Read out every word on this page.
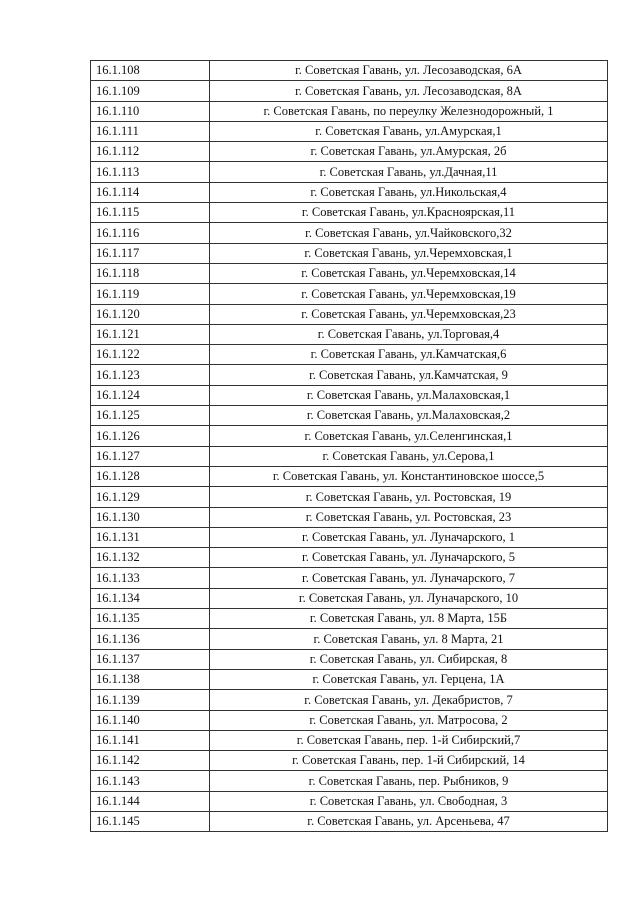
16.1.108	г. Советская Гавань, ул. Лесозаводская, 6А
16.1.109	г. Советская Гавань, ул. Лесозаводская, 8А
16.1.110	г. Советская Гавань, по переулку Железнодорожный, 1
16.1.111	г. Советская Гавань, ул.Амурская,1
16.1.112	г. Советская Гавань, ул.Амурская, 2б
16.1.113	г. Советская Гавань, ул.Дачная,11
16.1.114	г. Советская Гавань, ул.Никольская,4
16.1.115	г. Советская Гавань, ул.Красноярская,11
16.1.116	г. Советская Гавань, ул.Чайковского,32
16.1.117	г. Советская Гавань, ул.Черемховская,1
16.1.118	г. Советская Гавань, ул.Черемховская,14
16.1.119	г. Советская Гавань, ул.Черемховская,19
16.1.120	г. Советская Гавань, ул.Черемховская,23
16.1.121	г. Советская Гавань, ул.Торговая,4
16.1.122	г. Советская Гавань, ул.Камчатская,6
16.1.123	г. Советская Гавань, ул.Камчатская, 9
16.1.124	г. Советская Гавань, ул.Малаховская,1
16.1.125	г. Советская Гавань, ул.Малаховская,2
16.1.126	г. Советская Гавань, ул.Селенгинская,1
16.1.127	г. Советская Гавань, ул.Серова,1
16.1.128	г. Советская Гавань, ул. Константиновское шоссе,5
16.1.129	г. Советская Гавань, ул. Ростовская, 19
16.1.130	г. Советская Гавань, ул. Ростовская, 23
16.1.131	г. Советская Гавань, ул. Луначарского, 1
16.1.132	г. Советская Гавань, ул. Луначарского, 5
16.1.133	г. Советская Гавань, ул. Луначарского, 7
16.1.134	г. Советская Гавань, ул. Луначарского, 10
16.1.135	г. Советская Гавань, ул. 8 Марта, 15Б
16.1.136	г. Советская Гавань, ул. 8 Марта, 21
16.1.137	г. Советская Гавань, ул. Сибирская, 8
16.1.138	г. Советская Гавань, ул. Герцена, 1А
16.1.139	г. Советская Гавань, ул. Декабристов, 7
16.1.140	г. Советская Гавань, ул. Матросова, 2
16.1.141	г. Советская Гавань, пер. 1-й Сибирский,7
16.1.142	г. Советская Гавань, пер. 1-й Сибирский, 14
16.1.143	г. Советская Гавань, пер. Рыбников, 9
16.1.144	г. Советская Гавань, ул. Свободная, 3
16.1.145	г. Советская Гавань, ул. Арсеньева, 47
